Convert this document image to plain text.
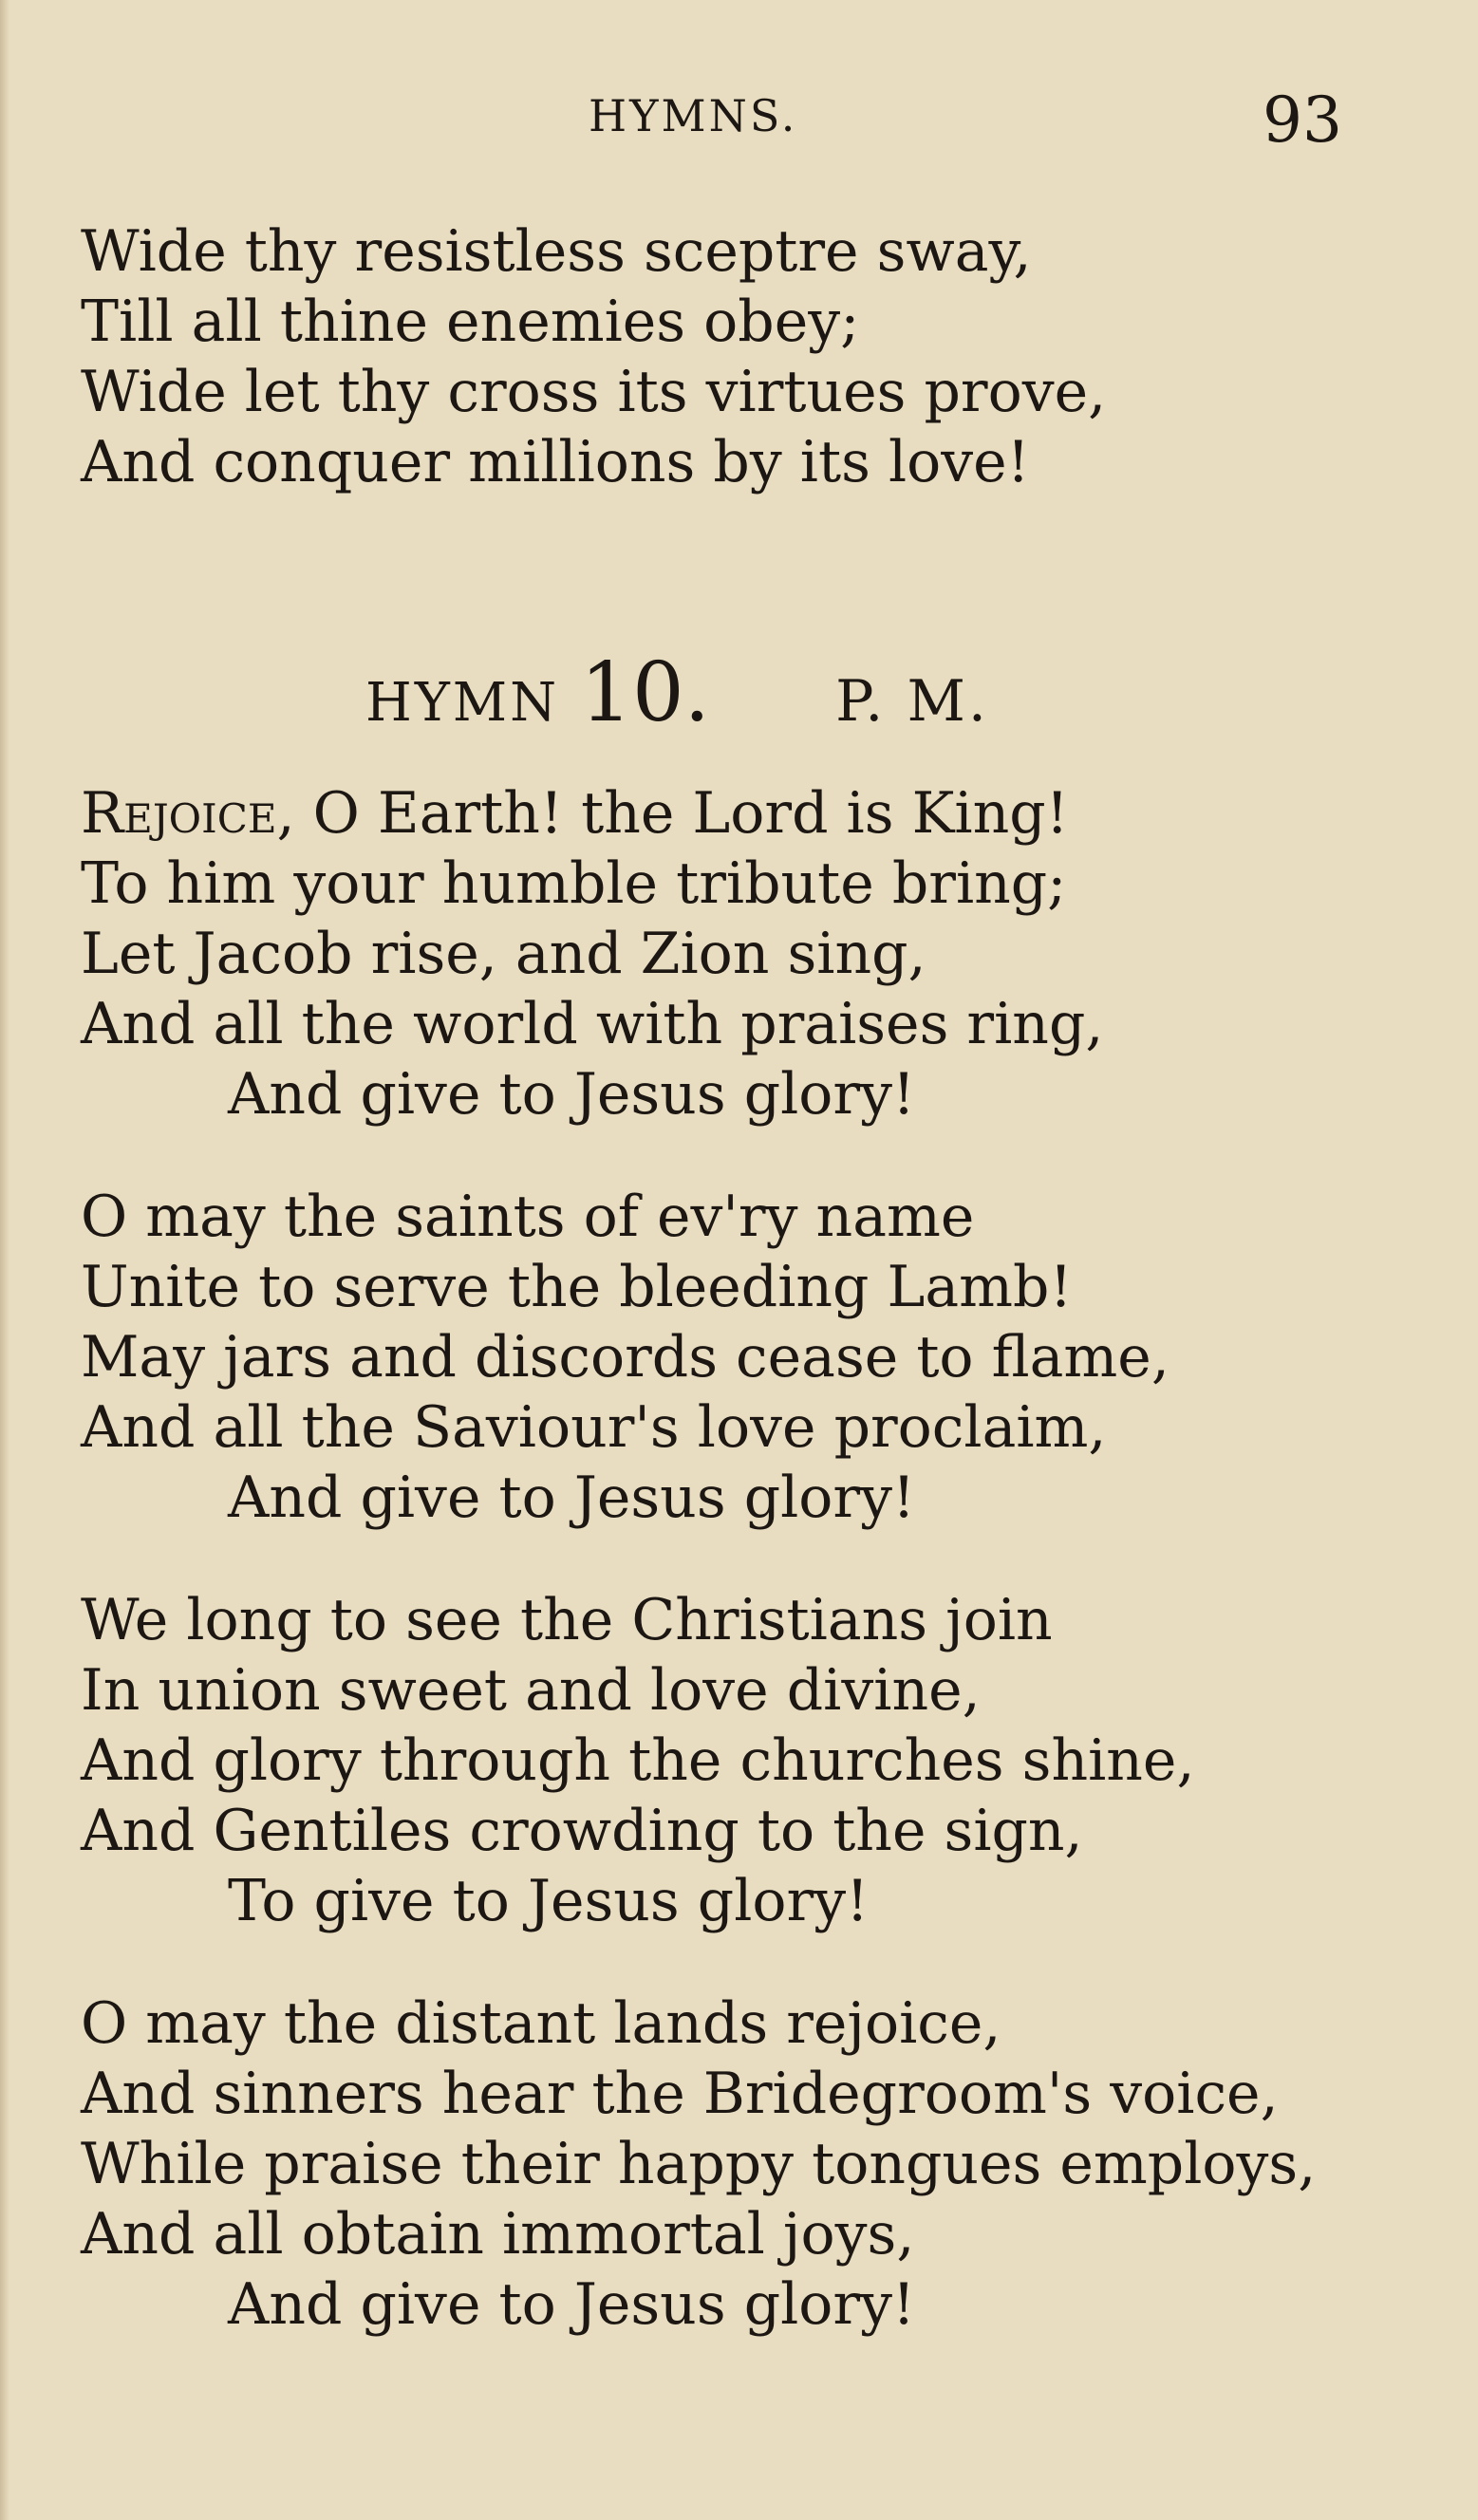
HYMNS.	93
Wide thy resistless sceptre sway,
Till all thine enemies obey;
Wide let thy cross its virtues prove,
And conquer millions by its love!
HYMN 10. P. M.
Rejoice, O Earth! the Lord is King!
To him your humble tribute bring;
Let Jacob rise, and Zion sing,
And all the world with praises ring,
And give to Jesus glory!
O may the saints of ev'ry name
Unite to serve the bleeding Lamb!
May jars and discords cease to flame,
And all the Saviour's love proclaim,
And give to Jesus glory!
We long to see the Christians join
In union sweet and love divine,
And glory through the churches shine,
And Gentiles crowding to the sign,
To give to Jesus glory!
O may the distant lands rejoice,
And sinners hear the Bridegroom's voice,
While praise their happy tongues employs,
And all obtain immortal joys,
And give to Jesus glory!
